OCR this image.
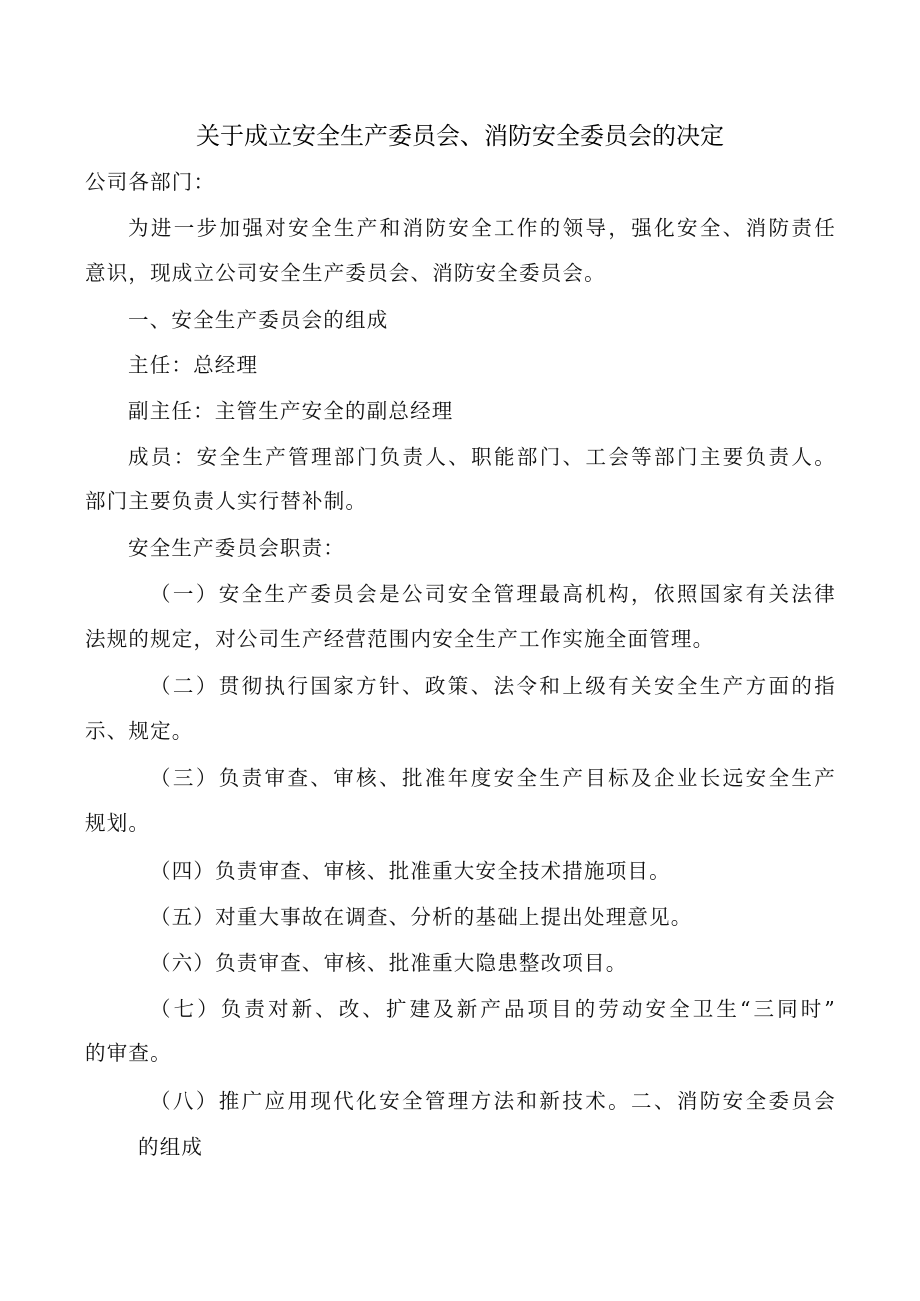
关于成立安全生产委员会、消防安全委员会的决定
公司各部门：
为进一步加强对安全生产和消防安全工作的领导，强化安全、消防责任
意识，现成立公司安全生产委员会、消防安全委员会。
一、安全生产委员会的组成
主任：总经理
副主任：主管生产安全的副总经理
成员：安全生产管理部门负责人、职能部门、工会等部门主要负责人。
部门主要负责人实行替补制。
安全生产委员会职责：
（一）安全生产委员会是公司安全管理最高机构，依照国家有关法律
法规的规定，对公司生产经营范围内安全生产工作实施全面管理。
（二）贯彻执行国家方针、政策、法令和上级有关安全生产方面的指
示、规定。
（三）负责审查、审核、批准年度安全生产目标及企业长远安全生产
规划。
（四）负责审查、审核、批准重大安全技术措施项目。
（五）对重大事故在调查、分析的基础上提出处理意见。
（六）负责审查、审核、批准重大隐患整改项目。
（七）负责对新、改、扩建及新产品项目的劳动安全卫生“三同时”
的审查。
（八）推广应用现代化安全管理方法和新技术。二、消防安全委员会
的组成
